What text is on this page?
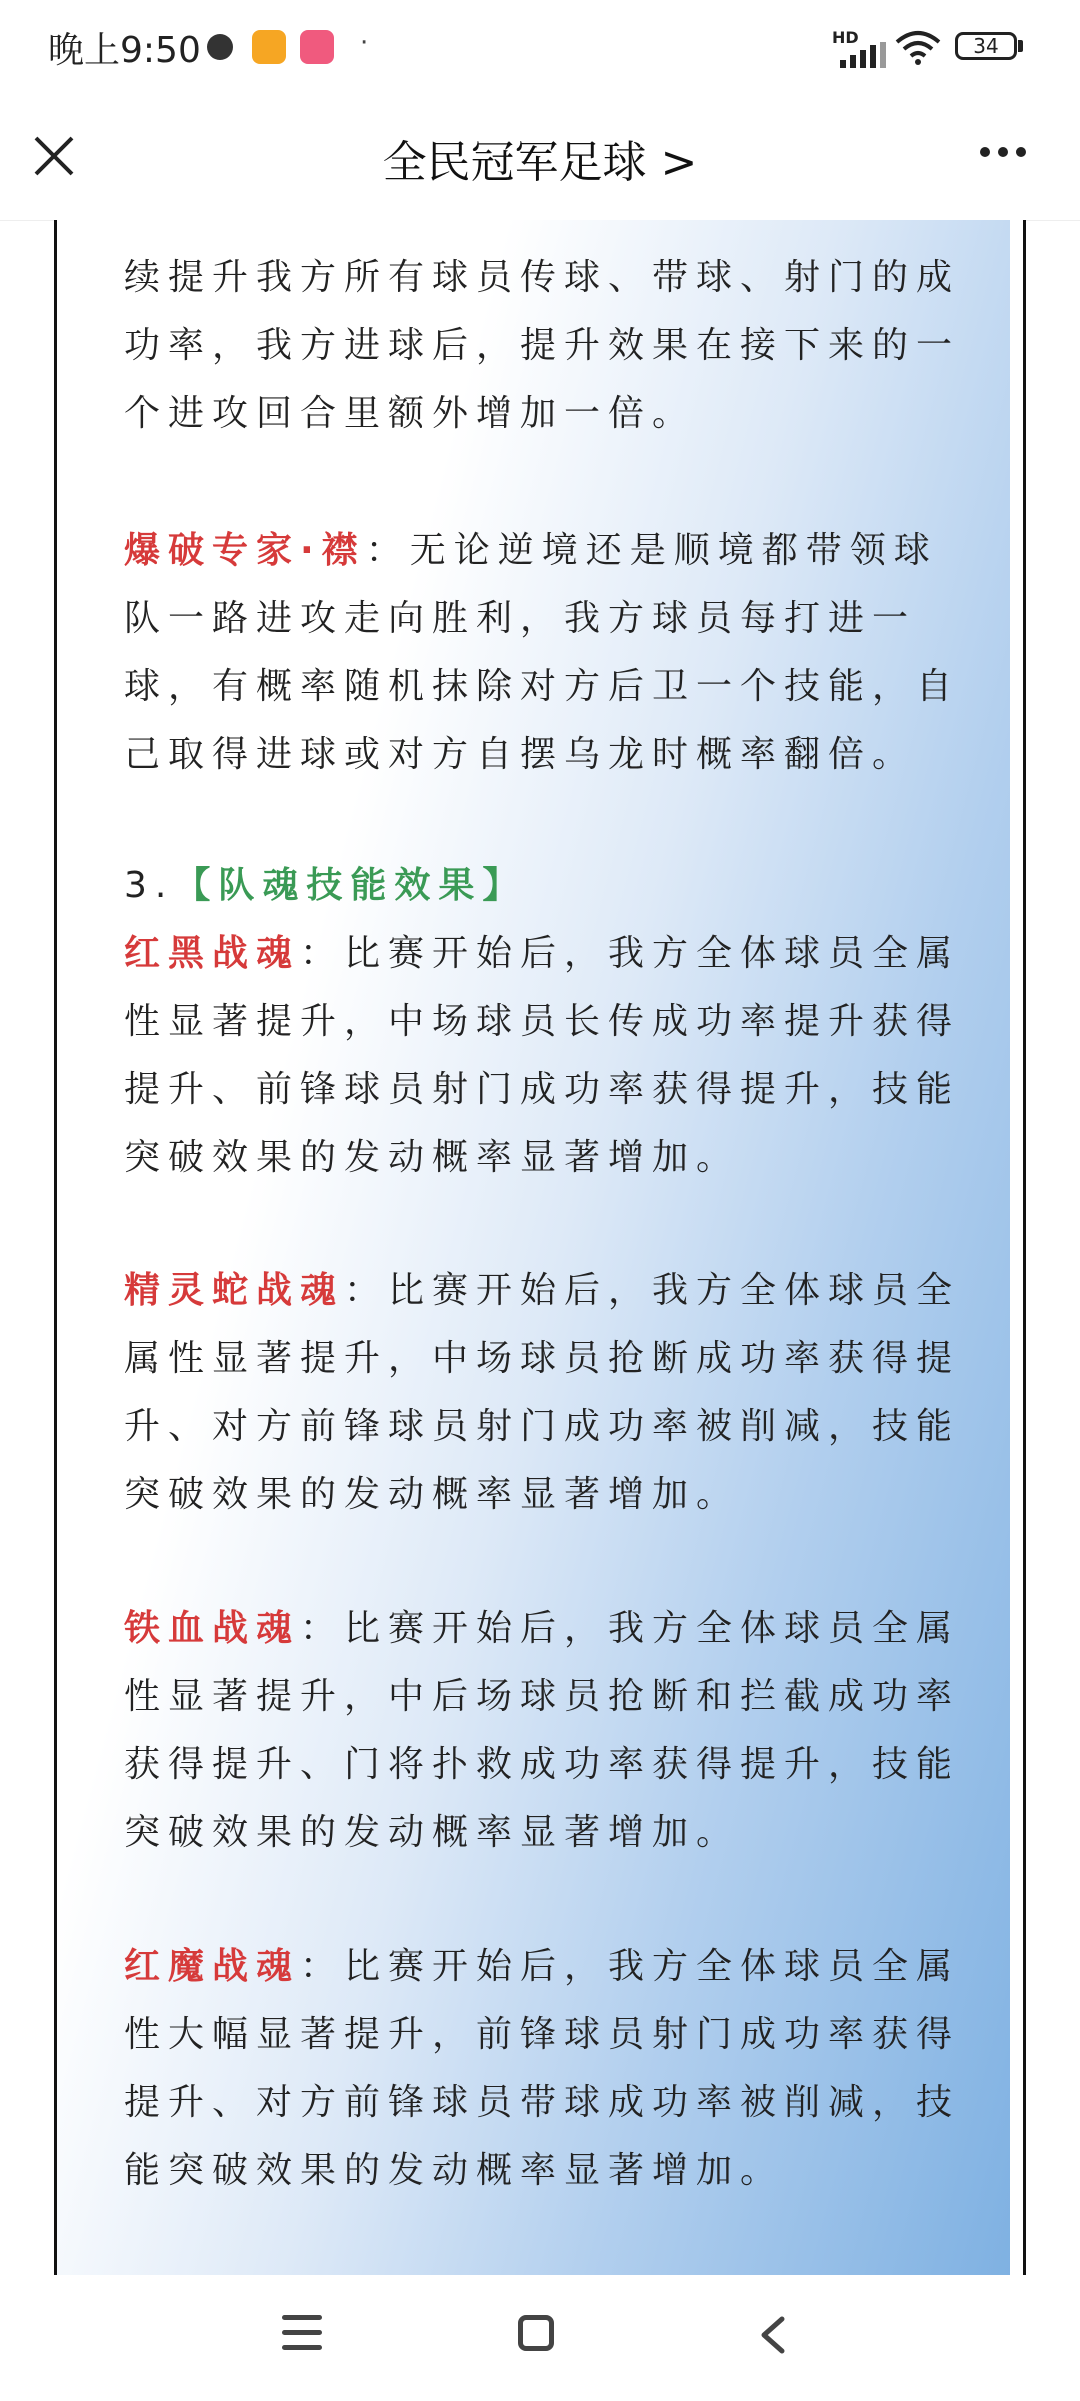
晚上9:50	·	HD	34
全民冠军足球 >
续提升我方所有球员传球、带球、射门的成功率，我方进球后，提升效果在接下来的一个进攻回合里额外增加一倍。
爆破专家·襟：无论逆境还是顺境都带领球队一路进攻走向胜利，我方球员每打进一球，有概率随机抹除对方后卫一个技能，自己取得进球或对方自摆乌龙时概率翻倍。
3.【队魂技能效果】
红黑战魂：比赛开始后，我方全体球员全属性显著提升，中场球员长传成功率提升获得提升、前锋球员射门成功率获得提升，技能突破效果的发动概率显著增加。
精灵蛇战魂：比赛开始后，我方全体球员全属性显著提升，中场球员抢断成功率获得提升、对方前锋球员射门成功率被削减，技能突破效果的发动概率显著增加。
铁血战魂：比赛开始后，我方全体球员全属性显著提升，中后场球员抢断和拦截成功率获得提升、门将扑救成功率获得提升，技能突破效果的发动概率显著增加。
红魔战魂：比赛开始后，我方全体球员全属性大幅显著提升，前锋球员射门成功率获得提升、对方前锋球员带球成功率被削减，技能突破效果的发动概率显著增加。
